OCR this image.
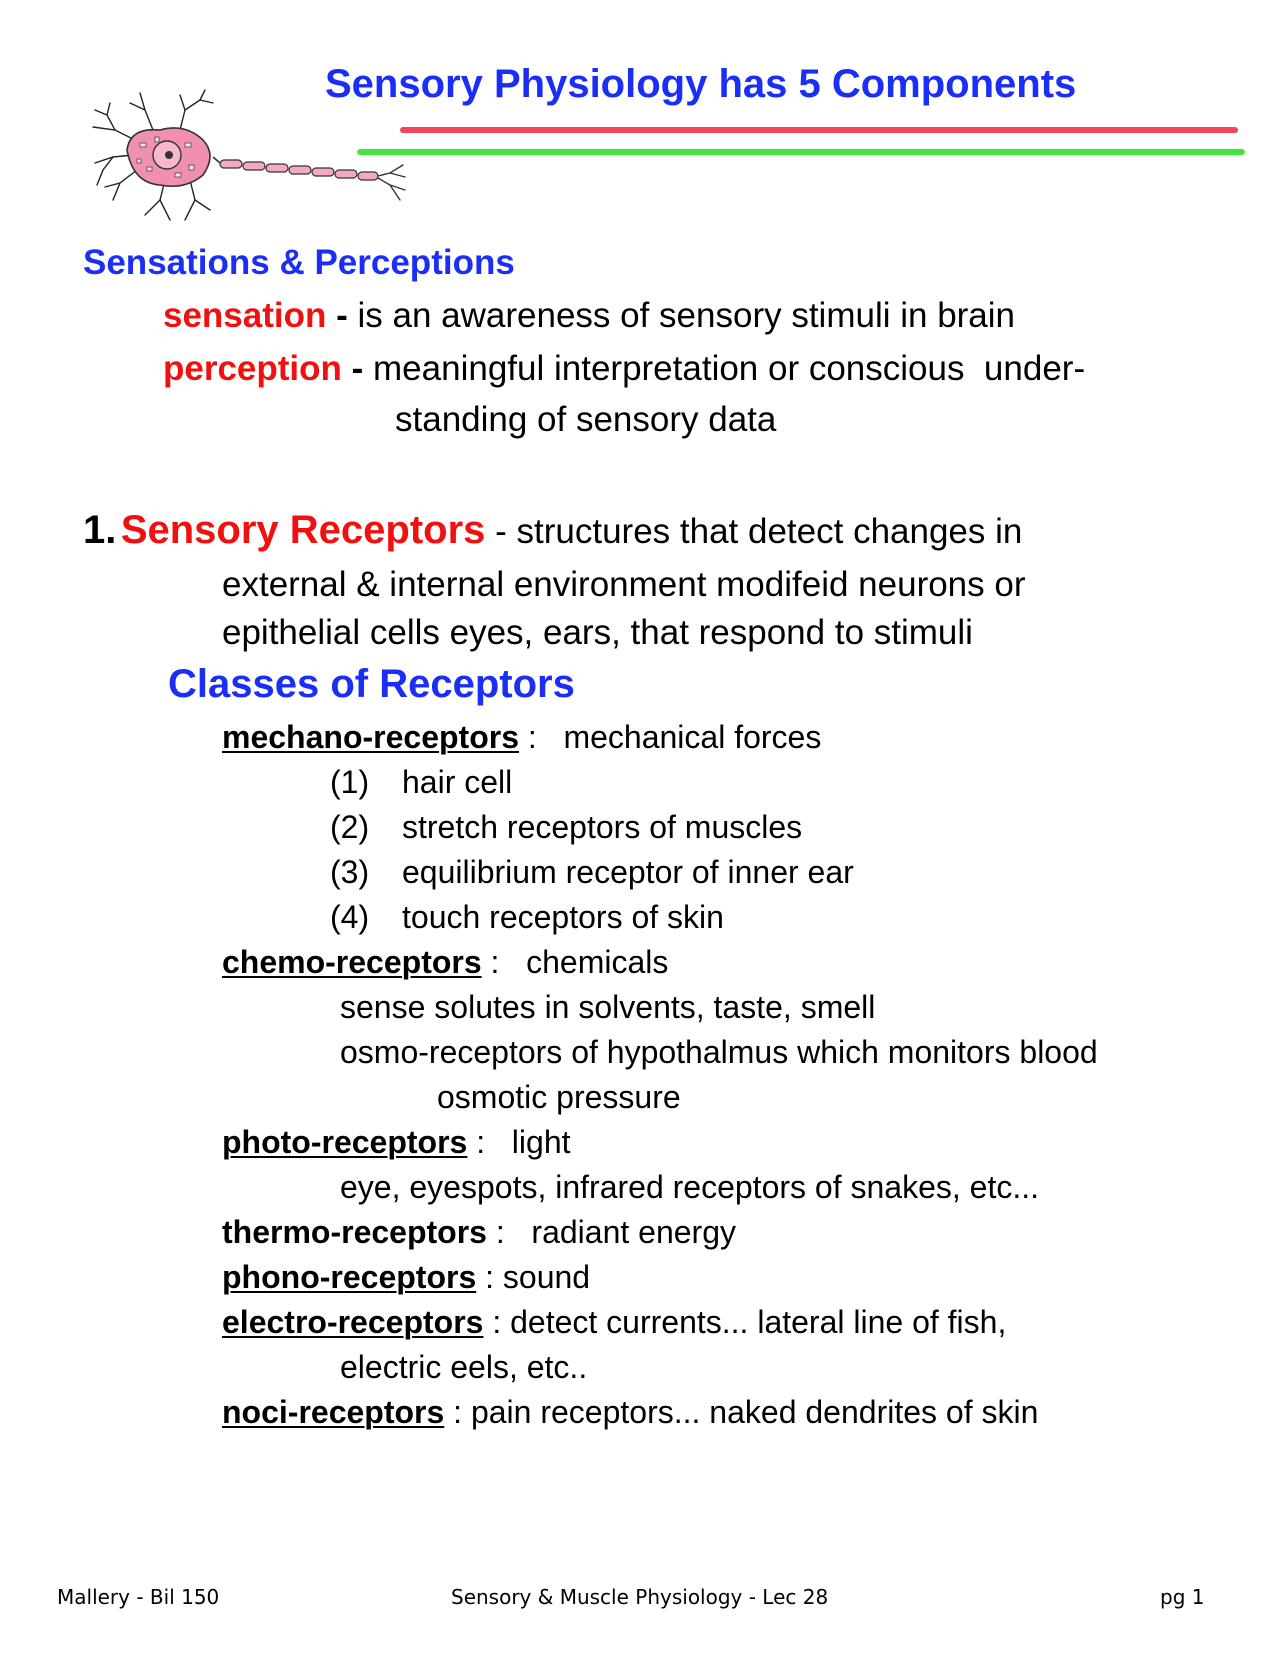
Sensory Physiology has 5 Components
Sensations & Perceptions
sensation - is an awareness of sensory stimuli in brain
perception - meaningful interpretation or conscious  under-
standing of sensory data
1. Sensory Receptors - structures that detect changes in
external & internal environment modifeid neurons or
epithelial cells eyes, ears, that respond to stimuli
Classes of Receptors
mechano-receptors :   mechanical forces
(1) hair cell
(2) stretch receptors of muscles
(3) equilibrium receptor of inner ear
(4) touch receptors of skin
chemo-receptors :   chemicals
sense solutes in solvents, taste, smell
osmo-receptors of hypothalmus which monitors blood
osmotic pressure
photo-receptors :   light
eye, eyespots, infrared receptors of snakes, etc...
thermo-receptors :   radiant energy
phono-receptors : sound
electro-receptors : detect currents... lateral line of fish,
electric eels, etc..
noci-receptors : pain receptors... naked dendrites of skin
Mallery - Bil 150	Sensory & Muscle Physiology - Lec 28	pg 1
